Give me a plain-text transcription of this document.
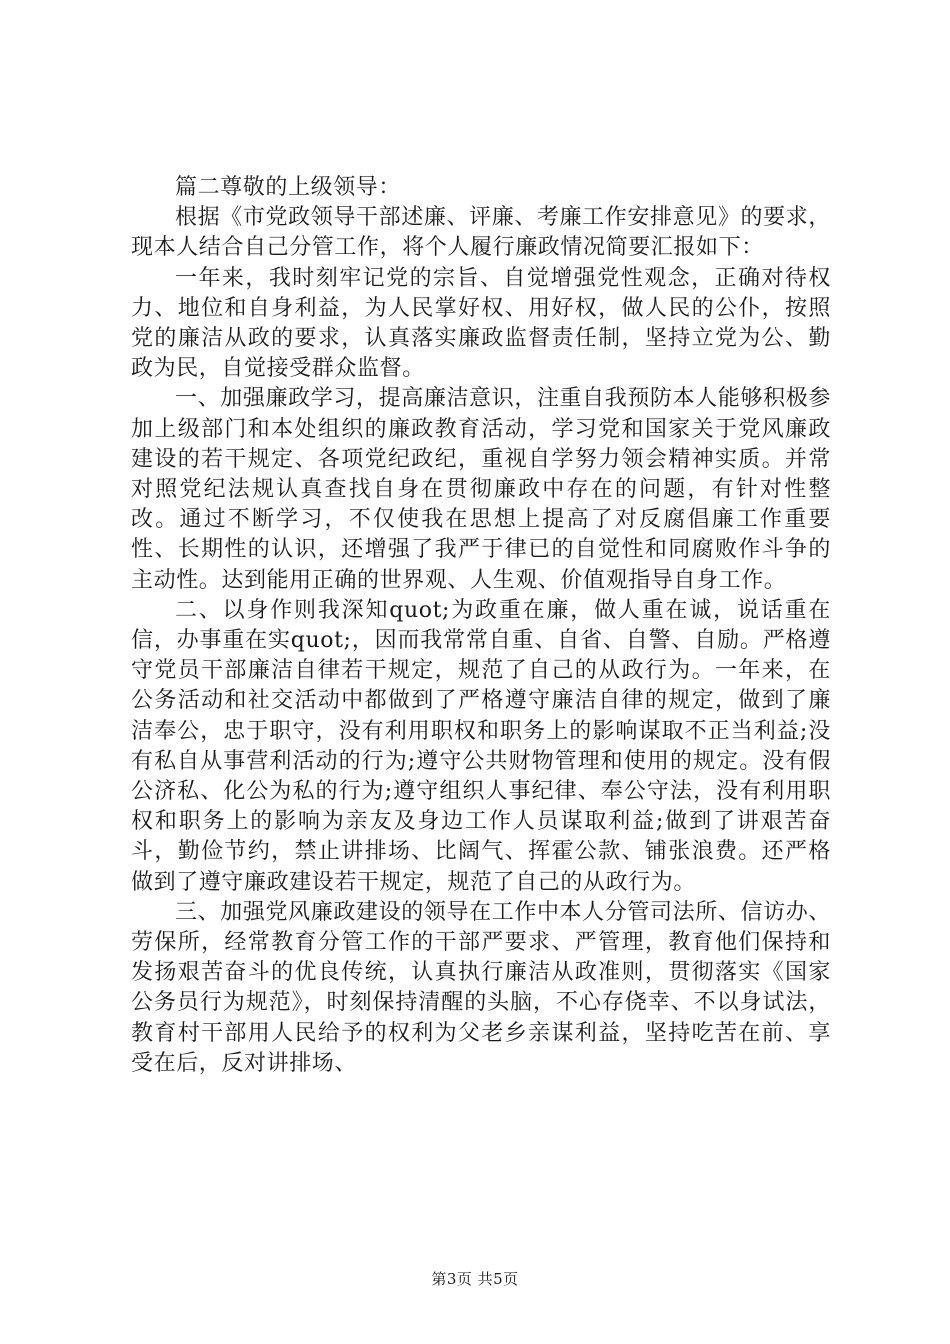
篇二尊敬的上级领导：

根据《市党政领导干部述廉、评廉、考廉工作安排意见》的要求，现本人结合自己分管工作，将个人履行廉政情况简要汇报如下：

一年来，我时刻牢记党的宗旨、自觉增强党性观念，正确对待权力、地位和自身利益，为人民掌好权、用好权，做人民的公仆，按照党的廉洁从政的要求，认真落实廉政监督责任制，坚持立党为公、勤政为民，自觉接受群众监督。

一、加强廉政学习，提高廉洁意识，注重自我预防本人能够积极参加上级部门和本处组织的廉政教育活动，学习党和国家关于党风廉政建设的若干规定、各项党纪政纪，重视自学努力领会精神实质。并常对照党纪法规认真查找自身在贯彻廉政中存在的问题，有针对性整改。通过不断学习，不仅使我在思想上提高了对反腐倡廉工作重要性、长期性的认识，还增强了我严于律已的自觉性和同腐败作斗争的主动性。达到能用正确的世界观、人生观、价值观指导自身工作。

二、以身作则我深知quot;为政重在廉，做人重在诚，说话重在信，办事重在实quot;，因而我常常自重、自省、自警、自励。严格遵守党员干部廉洁自律若干规定，规范了自己的从政行为。一年来，在公务活动和社交活动中都做到了严格遵守廉洁自律的规定，做到了廉洁奉公，忠于职守，没有利用职权和职务上的影响谋取不正当利益;没有私自从事营利活动的行为;遵守公共财物管理和使用的规定。没有假公济私、化公为私的行为;遵守组织人事纪律、奉公守法，没有利用职权和职务上的影响为亲友及身边工作人员谋取利益;做到了讲艰苦奋斗，勤俭节约，禁止讲排场、比阔气、挥霍公款、铺张浪费。还严格做到了遵守廉政建设若干规定，规范了自己的从政行为。

三、加强党风廉政建设的领导在工作中本人分管司法所、信访办、劳保所，经常教育分管工作的干部严要求、严管理，教育他们保持和发扬艰苦奋斗的优良传统，认真执行廉洁从政准则，贯彻落实《国家公务员行为规范》，时刻保持清醒的头脑，不心存侥幸、不以身试法，教育村干部用人民给予的权利为父老乡亲谋利益，坚持吃苦在前、享受在后，反对讲排场、

第3页 共5页
